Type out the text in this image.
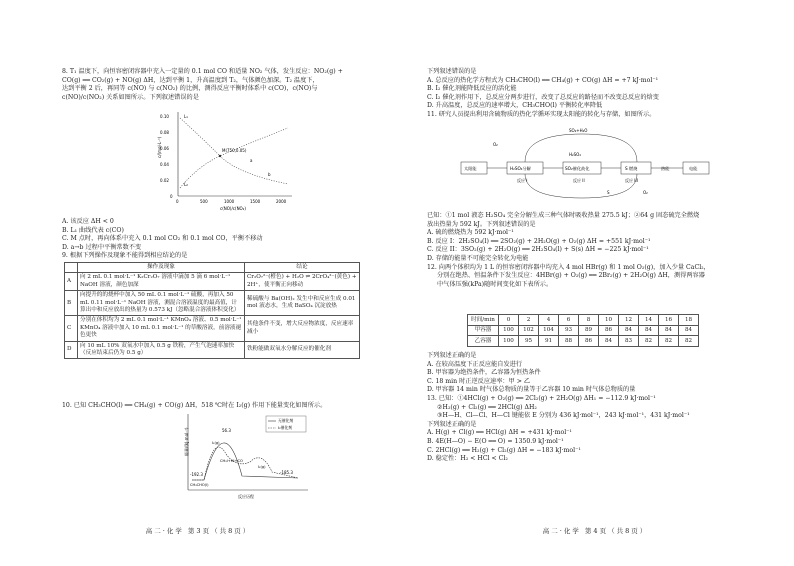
8. T₁ 温度下，向恒容密闭容器中充入一定量的 0.1 mol CO 和适量 NO₂ 气体，发生反应：NO₂(g) +

CO(g) ══ CO₂(g) + NO(g) ΔH，达到平衡 1，升高温度到 T₂，气体颜色加深。T₂ 温度下，

达到平衡 2 后，再同等 c(NO) 与 c(NO₂) 的比例，测得反应平衡时体系中 c(CO)，c(NO)与

c(NO)/c(NO₂) 关系如图所示。下列叙述错误的是

c/(mol·L⁻¹)
0.10
0.08
0.06
0.04
0.02
0
0	500	1000	1500	2000
c(NO)/c(NO₂)
M(750,0.05)
L₁
L₂
a
b

A. 该反应 ΔH < 0

B. L₁ 曲线代表 c(CO)

C. M 点时，再向体系中充入 0.1 mol CO₂ 和 0.1 mol CO，平衡不移动

D. a→b 过程中平衡常数不变

9. 根据下列操作及现象不能得到相应结论的是

	操作及现象	结论
A	向 2 mL 0.1 mol·L⁻¹ K₂Cr₂O₇ 溶液中滴加 5 滴 6 mol·L⁻¹ NaOH 溶液，颜色加深	Cr₂O₇²⁻(橙色) + H₂O ⇌ 2CrO₄²⁻(黄色) + 2H⁺，使平衡正向移动
B	向提升的的烧杯中加入 50 mL 0.1 mol·L⁻¹ 硫酸，再加入 50 mL 0.11 mol·L⁻¹ NaOH 溶液，测混合溶液温度的最高值，计算出中和反应放出的热量为 0.573 kJ（忽略混合溶液体积变化）	稀硫酸与 Ba(OH)₂ 发生中和反应生成 0.01 mol 液态水，生成 BaSO₄ 沉淀放热
C	分别在体积均为 2 mL 0.1 mol·L⁻¹ KMnO₄ 溶液、0.5 mol·L⁻¹ KMnO₄ 溶液中加入 10 mL 0.1 mol·L⁻¹ 的草酸溶液，前溶液褪色更快	其他条件不变，增大反应物浓度，反应速率减小
D	向 10 mL 10% 双氧水中加入 0.5 g 铁粉，产生气泡速率加快（反应结束后仍为 0.5 g）	铁粉能做双氧水分解反应的催化剂

10. 已知 CH₃CHO(l) ══ CH₄(g) + CO(g) ΔH，518 ℃时在 I₂(g) 作用下能量变化如图所示。

能量/(kJ·mol⁻¹)
反应历程
无催化剂
I₂催化剂
56.3
I₂(g)
CH₃I+HI+CO
I₂(g)
-192.3	-185.3
CH₃CHO(l)
高二·化学 第3页（共8页）

下列叙述错误的是

A. 总反应的热化学方程式为 CH₃CHO(l) ══ CH₄(g) + CO(g) ΔH = +7 kJ·mol⁻¹

B. I₂ 催化剂能降低反应的活化能

C. I₂ 催化剂作用下，总反应分两步进行，改变了总反应的路径而不改变总反应的焓变

D. 升高温度，总反应的速率增大，CH₃CHO(l) 平衡转化率降低

11. 研究人员提出利用含硫物质的热化学循环实现太阳能的转化与存储，如图所示。

太阳能	H₂SO₄分解	SO₂催化歧化	S 燃烧	热能	电能
O₂
SO₂+H₂O
H₂SO₄
反应 I	反应 II	反应 III
S	O₂

已知：①1 mol 液态 H₂SO₄ 完全分解生成三种气体时吸收热量 275.5 kJ；②64 g 固态硫完全燃烧

放出热量为 592 kJ。下列叙述错误的是

A. 硫的燃烧热为 592 kJ·mol⁻¹

B. 反应 I：2H₂SO₄(l) ══ 2SO₂(g) + 2H₂O(g) + O₂(g) ΔH = +551 kJ·mol⁻¹

C. 反应 II：3SO₂(g) + 2H₂O(g) ══ 2H₂SO₄(l) + S(s) ΔH = −225 kJ·mol⁻¹

D. 存储的能量不可能完全转化为电能

12. 向两个体积均为 1 L 的恒容密闭容器中均充入 4 mol HBr(g) 和 1 mol O₂(g)，加入少量 CaCl₂，

分别在绝热、恒温条件下发生反应：4HBr(g) + O₂(g) ══ 2Br₂(g) + 2H₂O(g) ΔH，测得两容器

中气体压强(kPa)随时间变化如下表所示。

时间/min	0	2	4	6	8	10	12	14	16	18
甲容器	100	102	104	93	89	86	84	84	84	84
乙容器	100	95	91	88	86	84	83	82	82	82

下列叙述正确的是

A. 在较高温度下正反应能自发进行

B. 甲容器为绝热条件，乙容器为恒热条件

C. 18 min 时正逆反应速率：甲 > 乙

D. 甲容器 14 min 时气体总物质的量等于乙容器 10 min 时气体总物质的量

13. 已知：①4HCl(g) + O₂(g) ══ 2Cl₂(g) + 2H₂O(g) ΔH₁ = −112.9 kJ·mol⁻¹

②H₂(g) + Cl₂(g) ══ 2HCl(g) ΔH₂

③H—H、Cl—Cl、H—Cl 键能依 E 分别为 436 kJ·mol⁻¹，243 kJ·mol⁻¹，431 kJ·mol⁻¹

下列叙述正确的是

A. H(g) + Cl(g) ══ HCl(g) ΔH = +431 kJ·mol⁻¹

B. 4E(H—O) − E(O ══ O) = 1350.9 kJ·mol⁻¹

C. 2HCl(g) ══ H₂(g) + Cl₂(g) ΔH = −183 kJ·mol⁻¹

D. 稳定性：H₂ < HCl < Cl₂

高二·化学 第4页（共8页）
